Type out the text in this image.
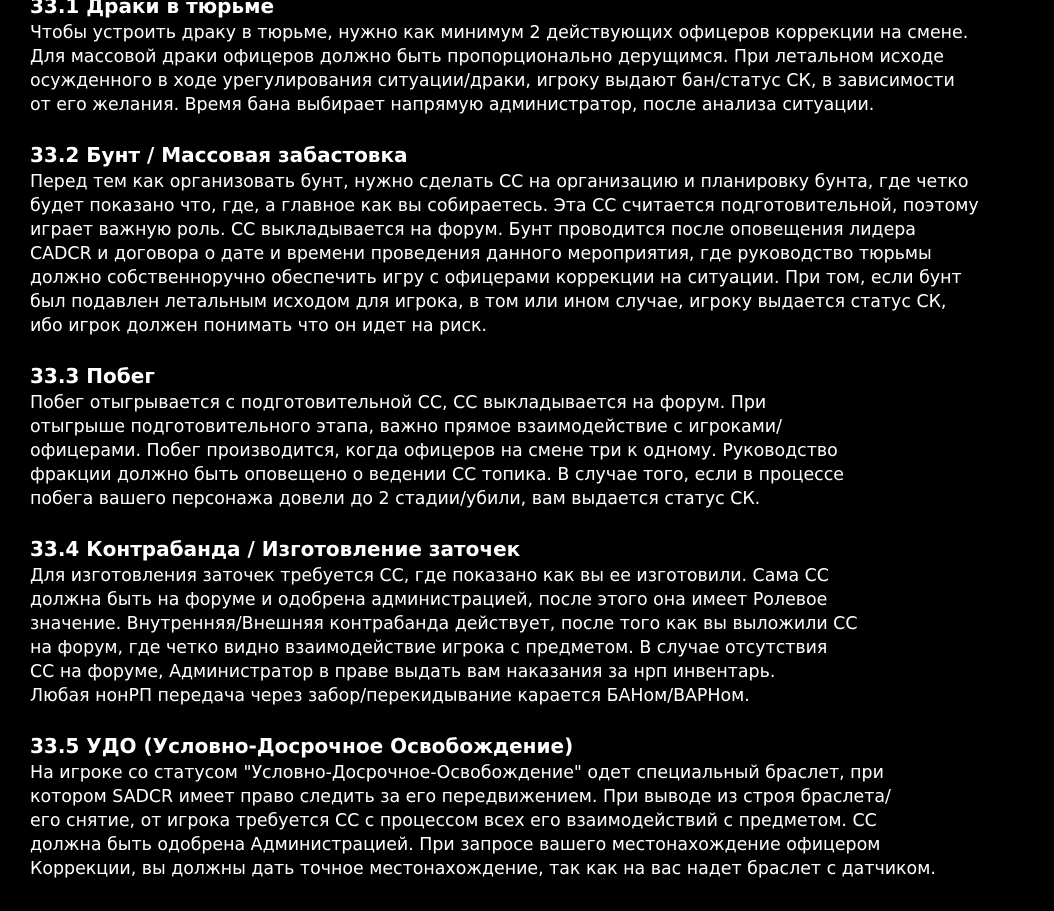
33.1 Драки в тюрьме
Чтобы устроить драку в тюрьме, нужно как минимум 2 действующих офицеров коррекции на смене.
Для массовой драки офицеров должно быть пропорционально дерущимся. При летальном исходе
осужденного в ходе урегулирования ситуации/драки, игроку выдают бан/статус СК, в зависимости
от его желания. Время бана выбирает напрямую администратор, после анализа ситуации.
33.2 Бунт / Массовая забастовка
Перед тем как организовать бунт, нужно сделать СС на организацию и планировку бунта, где четко
будет показано что, где, а главное как вы собираетесь. Эта СС считается подготовительной, поэтому
играет важную роль. СС выкладывается на форум. Бунт проводится после оповещения лидера
CADCR и договора о дате и времени проведения данного мероприятия, где руководство тюрьмы
должно собственноручно обеспечить игру с офицерами коррекции на ситуации. При том, если бунт
был подавлен летальным исходом для игрока, в том или ином случае, игроку выдается статус СК,
ибо игрок должен понимать что он идет на риск.
33.3 Побег
Побег отыгрывается с подготовительной СС, СС выкладывается на форум. При
отыгрыше подготовительного этапа, важно прямое взаимодействие с игроками/
офицерами. Побег производится, когда офицеров на смене три к одному. Руководство
фракции должно быть оповещено о ведении СС топика. В случае того, если в процессе
побега вашего персонажа довели до 2 стадии/убили, вам выдается статус СК.
33.4 Контрабанда / Изготовление заточек
Для изготовления заточек требуется СС, где показано как вы ее изготовили. Сама СС
должна быть на форуме и одобрена администрацией, после этого она имеет Ролевое
значение. Внутренняя/Внешняя контрабанда действует, после того как вы выложили СС
на форум, где четко видно взаимодействие игрока с предметом. В случае отсутствия
СС на форуме, Администратор в праве выдать вам наказания за нрп инвентарь.
Любая нонРП передача через забор/перекидывание карается БАНом/ВАРНом.
33.5 УДО (Условно-Досрочное Освобождение)
На игроке со статусом "Условно-Досрочное-Освобождение" одет специальный браслет, при
котором SADCR имеет право следить за его передвижением. При выводе из строя браслета/
его снятие, от игрока требуется СС с процессом всех его взаимодействий с предметом. СС
должна быть одобрена Администрацией. При запросе вашего местонахождение офицером
Коррекции, вы должны дать точное местонахождение, так как на вас надет браслет с датчиком.
